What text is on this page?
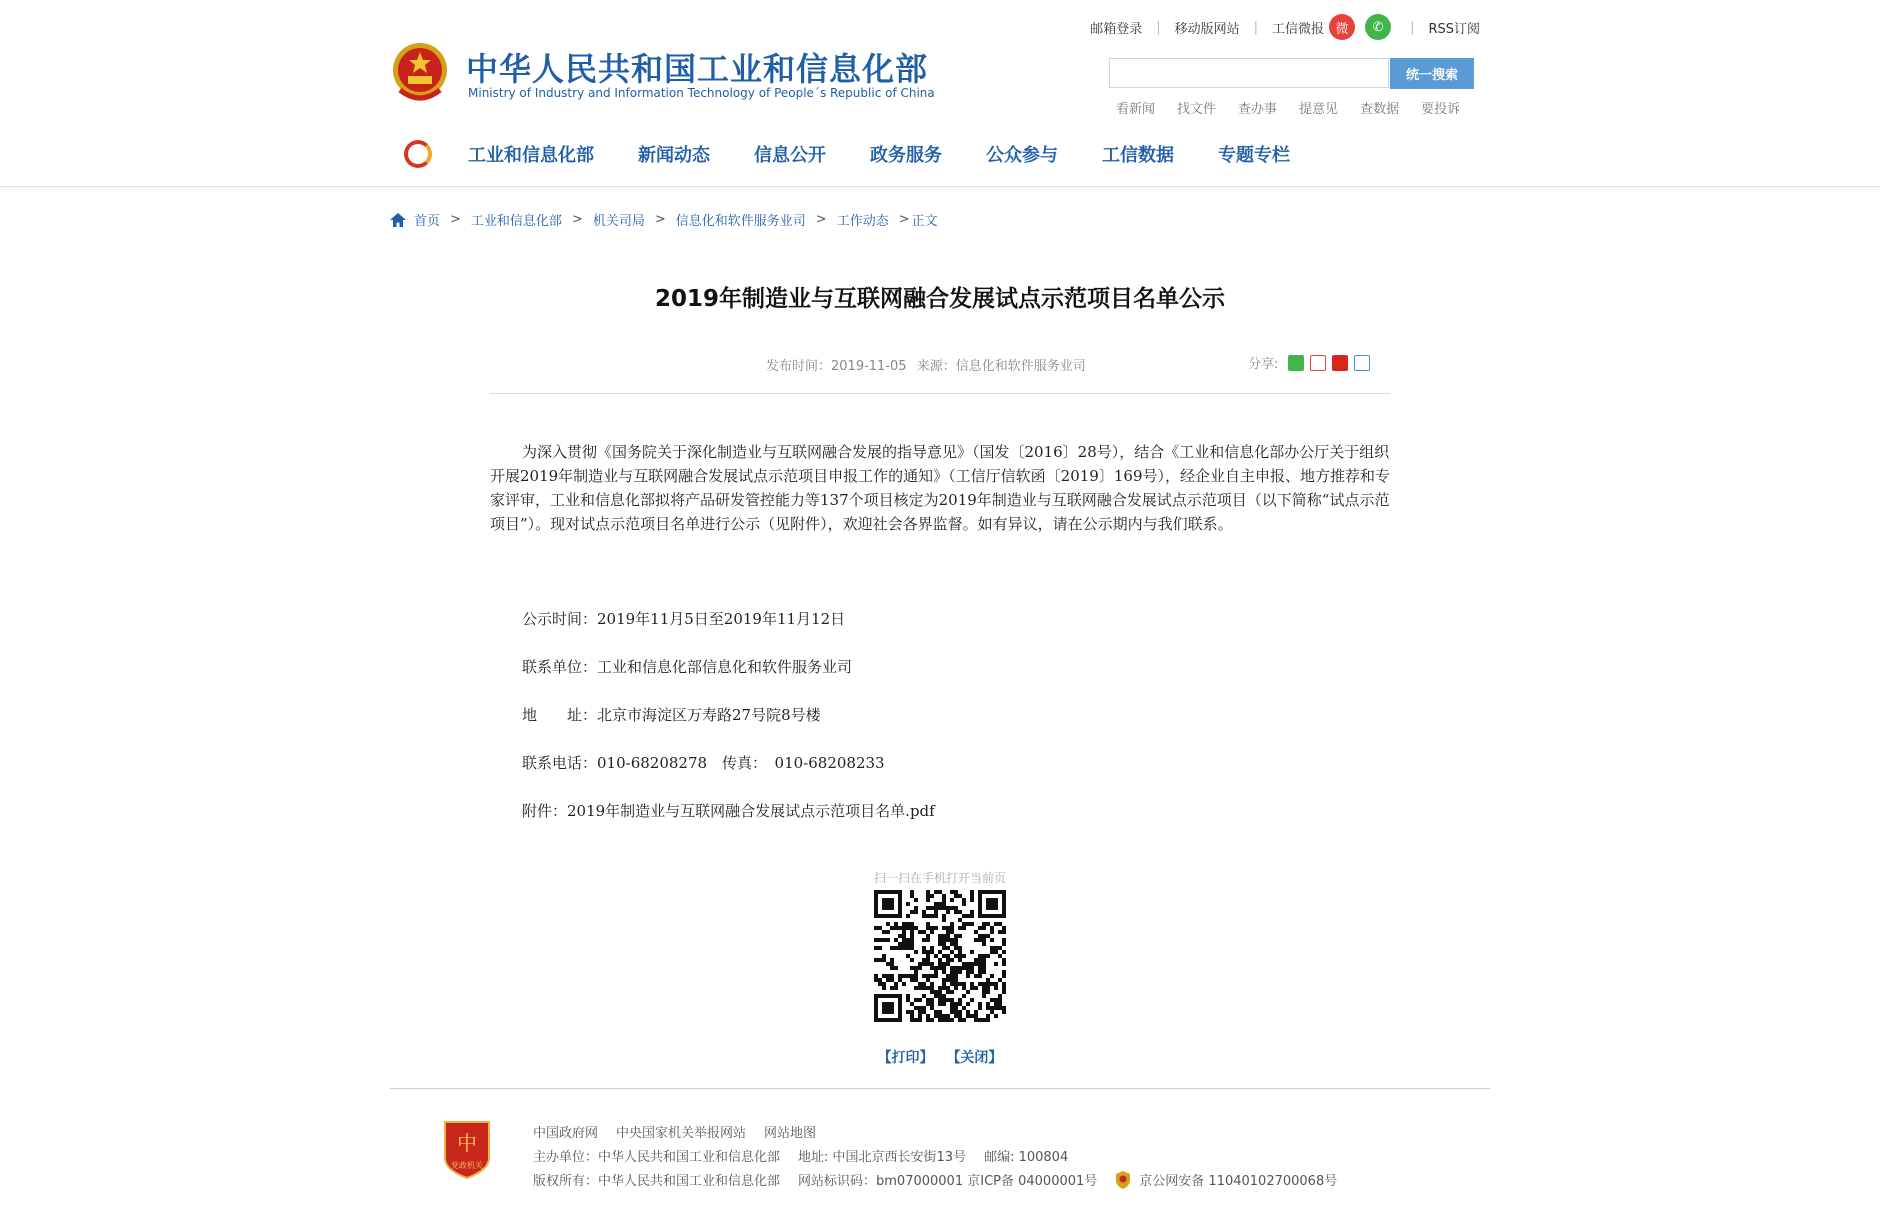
中华人民共和国工业和信息化部
Ministry of Industry and Information Technology of People´s Republic of China
邮箱登录 | 移动版网站 | 工信微报 微	✆	| RSS订阅
统一搜索
看新闻 找文件 查办事 提意见 查数据 要投诉
工业和信息化部 新闻动态 信息公开 政务服务 公众参与 工信数据 专题专栏
首页 > 工业和信息化部 > 机关司局 > 信息化和软件服务业司 > 工作动态 > 正文
2019年制造业与互联网融合发展试点示范项目名单公示
发布时间：2019-11-05 来源：信息化和软件服务业司	分享:

为深入贯彻《国务院关于深化制造业与互联网融合发展的指导意见》（国发〔2016〕28号），结合《工业和信息化部办公厅关于组织开展2019年制造业与互联网融合发展试点示范项目申报工作的通知》（工信厅信软函〔2019〕169号），经企业自主申报、地方推荐和专家评审，工业和信息化部拟将产品研发管控能力等137个项目核定为2019年制造业与互联网融合发展试点示范项目（以下简称“试点示范项目”）。现对试点示范项目名单进行公示（见附件），欢迎社会各界监督。如有异议，请在公示期内与我们联系。

公示时间：2019年11月5日至2019年11月12日
联系单位：工业和信息化部信息化和软件服务业司
地　　址：北京市海淀区万寿路27号院8号楼
联系电话：010-68208278　传真：　010-68208233
附件：2019年制造业与互联网融合发展试点示范项目名单.pdf
扫一扫在手机打开当前页
【打印】 【关闭】
中
党政机关
中国政府网 中央国家机关举报网站 网站地图
主办单位：中华人民共和国工业和信息化部 地址: 中国北京西长安街13号 邮编: 100804
版权所有：中华人民共和国工业和信息化部 网站标识码：bm07000001 京ICP备 04000001号	京公网安备 11040102700068号
